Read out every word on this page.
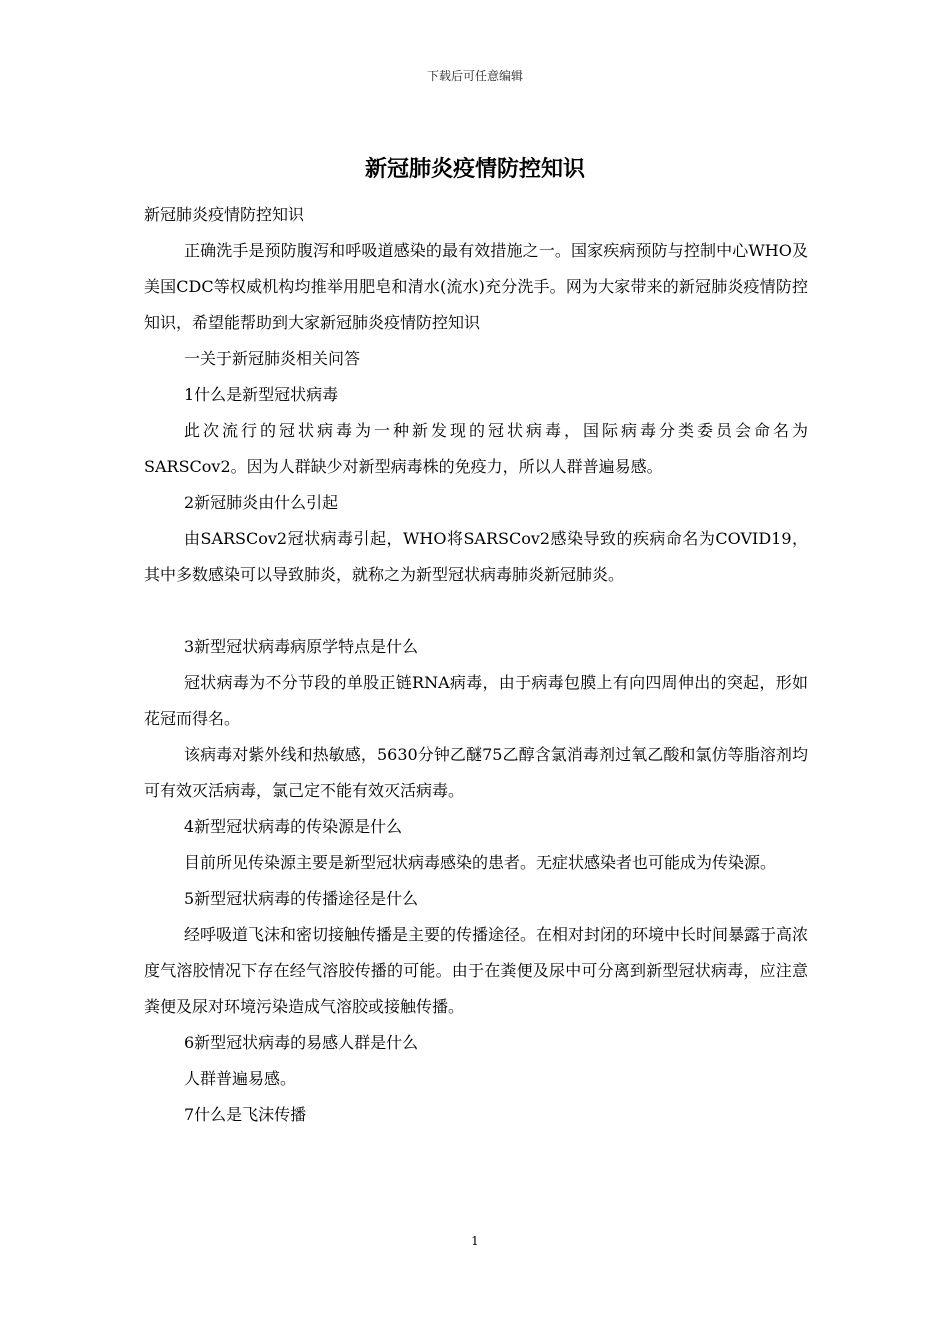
下载后可任意编辑
新冠肺炎疫情防控知识

新冠肺炎疫情防控知识

正确洗手是预防腹泻和呼吸道感染的最有效措施之一。国家疾病预防与控制中心WHO及美国CDC等权威机构均推举用肥皂和清水(流水)充分洗手。网为大家带来的新冠肺炎疫情防控知识，希望能帮助到大家新冠肺炎疫情防控知识

一关于新冠肺炎相关问答

1什么是新型冠状病毒

此次流行的冠状病毒为一种新发现的冠状病毒，国际病毒分类委员会命名为SARSCov2。因为人群缺少对新型病毒株的免疫力，所以人群普遍易感。

2新冠肺炎由什么引起

由SARSCov2冠状病毒引起，WHO将SARSCov2感染导致的疾病命名为COVID19，其中多数感染可以导致肺炎，就称之为新型冠状病毒肺炎新冠肺炎。

3新型冠状病毒病原学特点是什么

冠状病毒为不分节段的单股正链RNA病毒，由于病毒包膜上有向四周伸出的突起，形如花冠而得名。

该病毒对紫外线和热敏感，5630分钟乙醚75乙醇含氯消毒剂过氧乙酸和氯仿等脂溶剂均可有效灭活病毒，氯己定不能有效灭活病毒。

4新型冠状病毒的传染源是什么

目前所见传染源主要是新型冠状病毒感染的患者。无症状感染者也可能成为传染源。

5新型冠状病毒的传播途径是什么

经呼吸道飞沫和密切接触传播是主要的传播途径。在相对封闭的环境中长时间暴露于高浓度气溶胶情况下存在经气溶胶传播的可能。由于在粪便及尿中可分离到新型冠状病毒，应注意粪便及尿对环境污染造成气溶胶或接触传播。

6新型冠状病毒的易感人群是什么

人群普遍易感。

7什么是飞沫传播

1
